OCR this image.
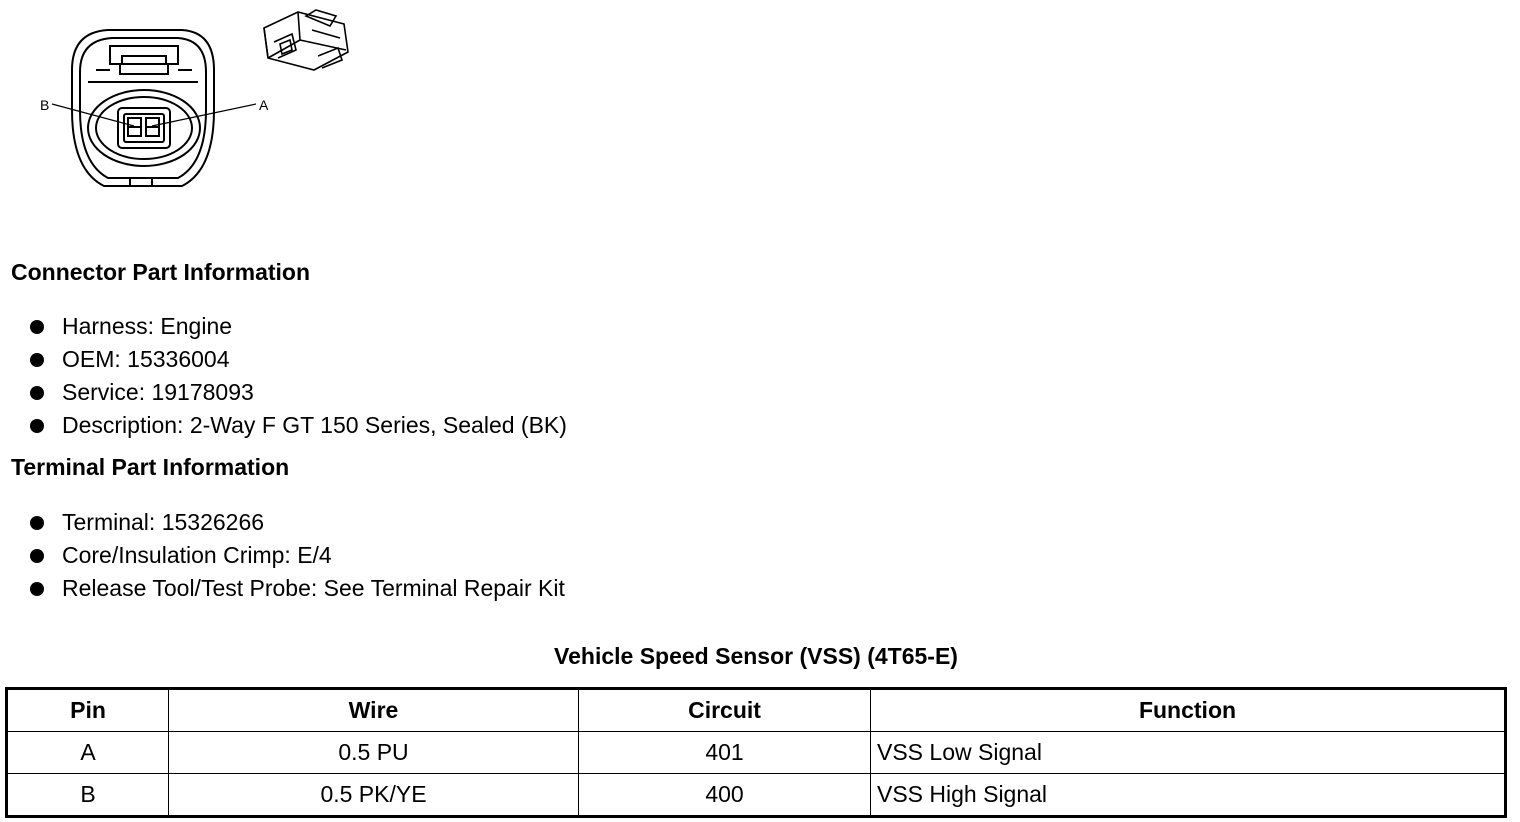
B	A
Connector Part Information
Harness: Engine
OEM: 15336004
Service: 19178093
Description: 2-Way F GT 150 Series, Sealed (BK)
Terminal Part Information
Terminal: 15326266
Core/Insulation Crimp: E/4
Release Tool/Test Probe: See Terminal Repair Kit
Vehicle Speed Sensor (VSS) (4T65-E)
Pin	Wire	Circuit	Function
A	0.5 PU	401	VSS Low Signal
B	0.5 PK/YE	400	VSS High Signal
